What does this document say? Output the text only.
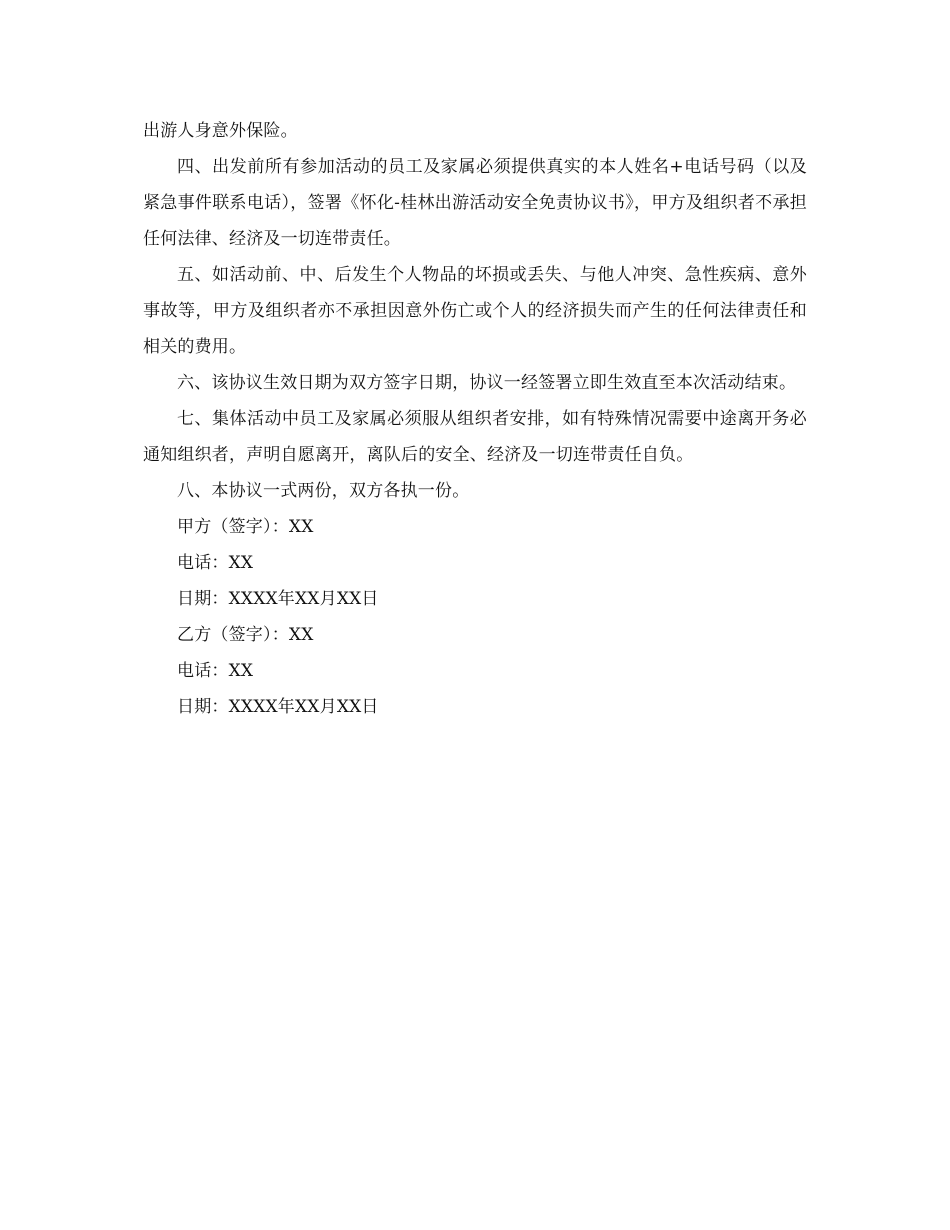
出游人身意外保险。

四、出发前所有参加活动的员工及家属必须提供真实的本人姓名+电话号码（以及紧急事件联系电话），签署《怀化-桂林出游活动安全免责协议书》，甲方及组织者不承担任何法律、经济及一切连带责任。

五、如活动前、中、后发生个人物品的坏损或丢失、与他人冲突、急性疾病、意外事故等，甲方及组织者亦不承担因意外伤亡或个人的经济损失而产生的任何法律责任和相关的费用。

六、该协议生效日期为双方签字日期，协议一经签署立即生效直至本次活动结束。

七、集体活动中员工及家属必须服从组织者安排，如有特殊情况需要中途离开务必通知组织者，声明自愿离开，离队后的安全、经济及一切连带责任自负。

八、本协议一式两份，双方各执一份。

甲方（签字）：XX

电话：XX

日期：XXXX年XX月XX日

乙方（签字）：XX

电话：XX

日期：XXXX年XX月XX日
